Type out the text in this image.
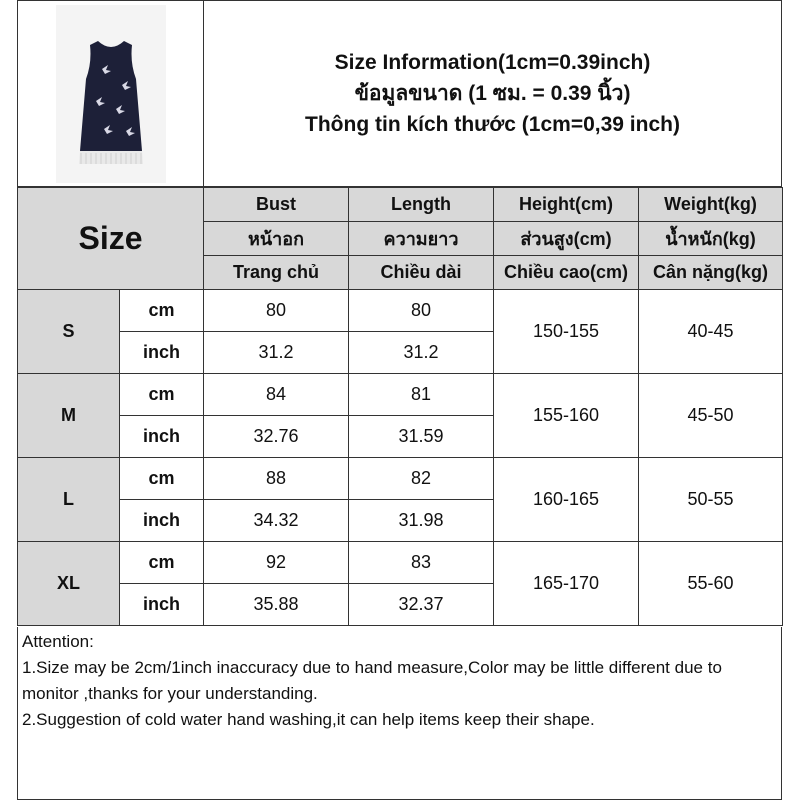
Size Information(1cm=0.39inch)
ข้อมูลขนาด (1 ซม. = 0.39 นิ้ว)
Thông tin kích thước (1cm=0,39 inch)
Size		Bust	Length	Height(cm)	Weight(kg)
		หน้าอก	ความยาว	ส่วนสูง(cm)	น้ำหนัก(kg)
		Trang chủ	Chiều dài	Chiều cao(cm)	Cân nặng(kg)
S	cm	80	80	150-155	40-45
	inch	31.2	31.2		
M	cm	84	81	155-160	45-50
	inch	32.76	31.59		
L	cm	88	82	160-165	50-55
	inch	34.32	31.98		
XL	cm	92	83	165-170	55-60
	inch	35.88	32.37		
Attention:
1.Size may be 2cm/1inch inaccuracy due to hand measure,Color may be little different due to monitor ,thanks for your understanding.
2.Suggestion of cold water hand washing,it can help items keep their shape.
